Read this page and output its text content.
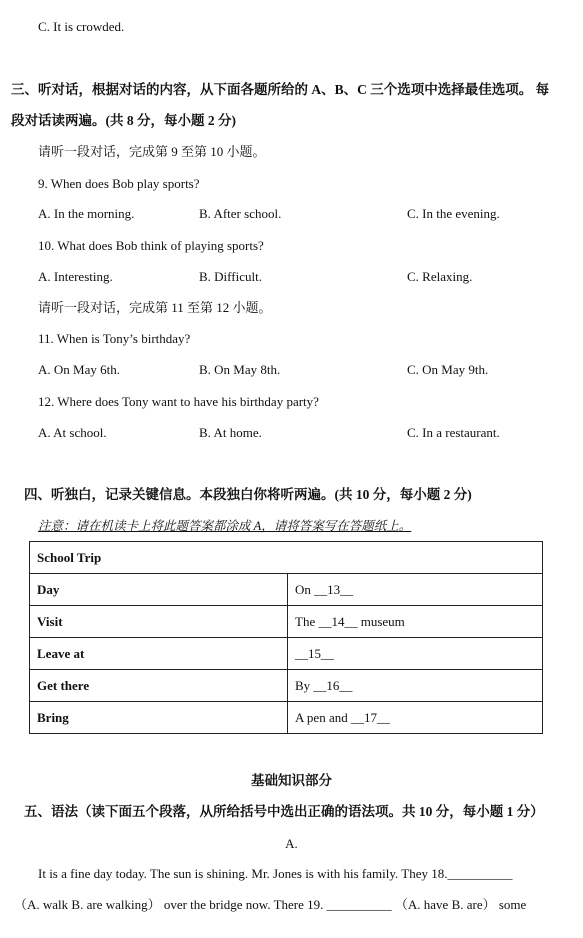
C. It is crowded.
三、听对话，根据对话的内容，从下面各题所给的 A、B、C 三个选项中选择最佳选项。 每
段对话读两遍。(共 8 分，每小题 2 分)
请听一段对话，完成第 9 至第 10 小题。
9. When does Bob play sports?
A. In the morning.	B. After school.	C. In the evening.
10. What does Bob think of playing sports?
A. Interesting.	B. Difficult.	C. Relaxing.
请听一段对话，完成第 11 至第 12 小题。
11. When is Tony’s birthday?
A. On May 6th.	B. On May 8th.	C. On May 9th.
12. Where does Tony want to have his birthday party?
A. At school.	B. At home.	C. In a restaurant.
四、听独白，记录关键信息。本段独白你将听两遍。(共 10 分，每小题 2 分)
注意：请在机读卡上将此题答案都涂成 A，请将答案写在答题纸上。
School Trip	
Day	On __13__
Visit	The __14__ museum
Leave at	__15__
Get there	By __16__
Bring	A pen and __17__
基础知识部分
五、语法（读下面五个段落，从所给括号中选出正确的语法项。共 10 分，每小题 1 分）
A.
It is a fine day today. The sun is shining. Mr. Jones is with his family. They 18.__________
（A. walk B. are walking） over the bridge now. There 19. __________ （A. have B. are） some
